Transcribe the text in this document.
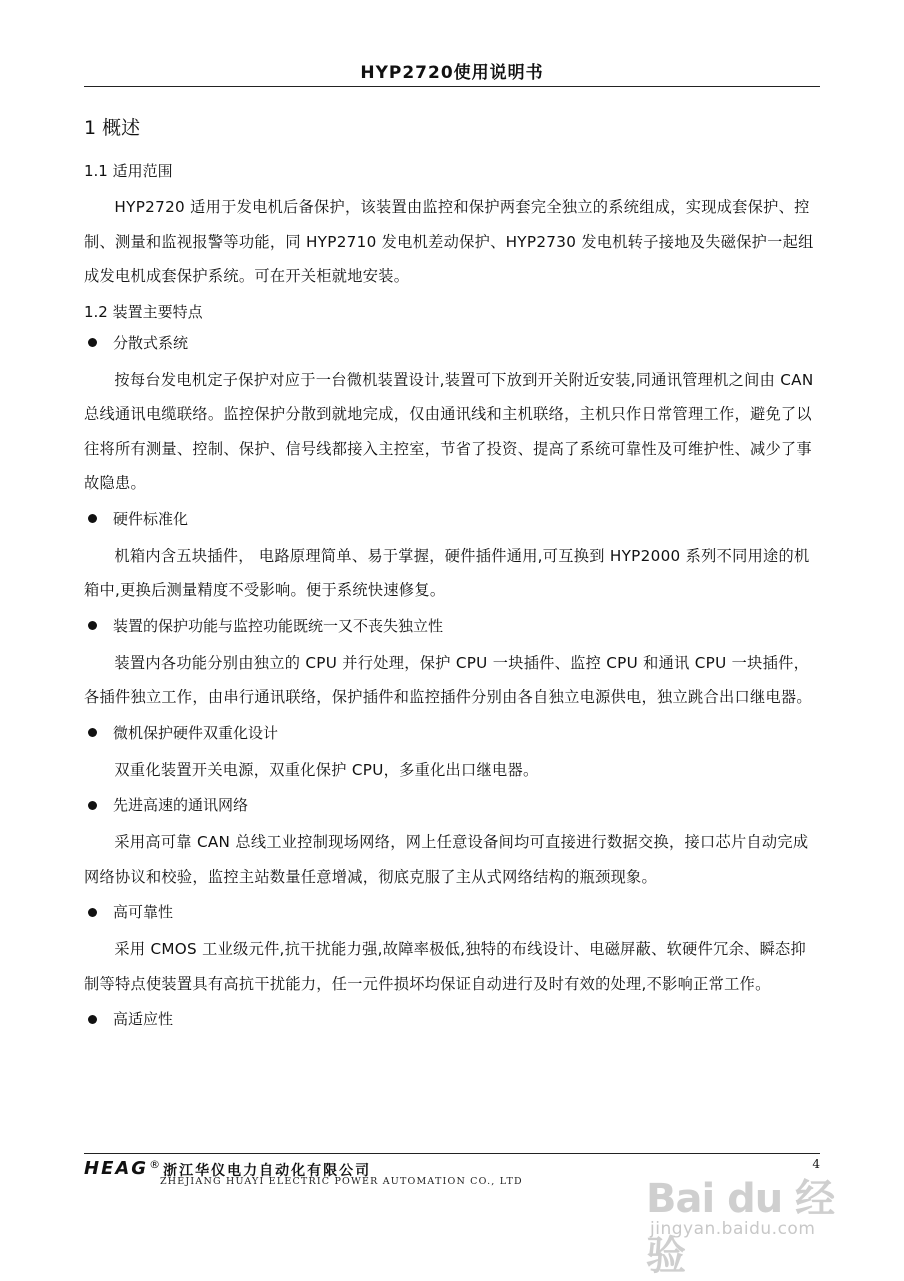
HYP2720使用说明书
1 概述
1.1 适用范围
HYP2720 适用于发电机后备保护，该装置由监控和保护两套完全独立的系统组成，实现成套保护、控制、测量和监视报警等功能，同 HYP2710 发电机差动保护、HYP2730 发电机转子接地及失磁保护一起组成发电机成套保护系统。可在开关柜就地安装。
1.2 装置主要特点
分散式系统
按每台发电机定子保护对应于一台微机装置设计,装置可下放到开关附近安装,同通讯管理机之间由 CAN 总线通讯电缆联络。监控保护分散到就地完成，仅由通讯线和主机联络，主机只作日常管理工作，避免了以往将所有测量、控制、保护、信号线都接入主控室，节省了投资、提高了系统可靠性及可维护性、减少了事故隐患。
硬件标准化
机箱内含五块插件， 电路原理简单、易于掌握，硬件插件通用,可互换到 HYP2000 系列不同用途的机箱中,更换后测量精度不受影响。便于系统快速修复。
装置的保护功能与监控功能既统一又不丧失独立性
装置内各功能分别由独立的 CPU 并行处理，保护 CPU 一块插件、监控 CPU 和通讯 CPU 一块插件，各插件独立工作，由串行通讯联络，保护插件和监控插件分别由各自独立电源供电，独立跳合出口继电器。
微机保护硬件双重化设计
双重化装置开关电源，双重化保护 CPU，多重化出口继电器。
先进高速的通讯网络
采用高可靠 CAN 总线工业控制现场网络，网上任意设备间均可直接进行数据交换，接口芯片自动完成网络协议和校验，监控主站数量任意增减，彻底克服了主从式网络结构的瓶颈现象。
高可靠性
采用 CMOS 工业级元件,抗干扰能力强,故障率极低,独特的布线设计、电磁屏蔽、软硬件冗余、瞬态抑制等特点使装置具有高抗干扰能力，任一元件损坏均保证自动进行及时有效的处理,不影响正常工作。
高适应性
HEAG ® 浙江华仪电力自动化有限公司
ZHEJIANG HUAYI ELECTRIC POWER AUTOMATION CO., LTD
4
Bai du 经验
jingyan.baidu.com
